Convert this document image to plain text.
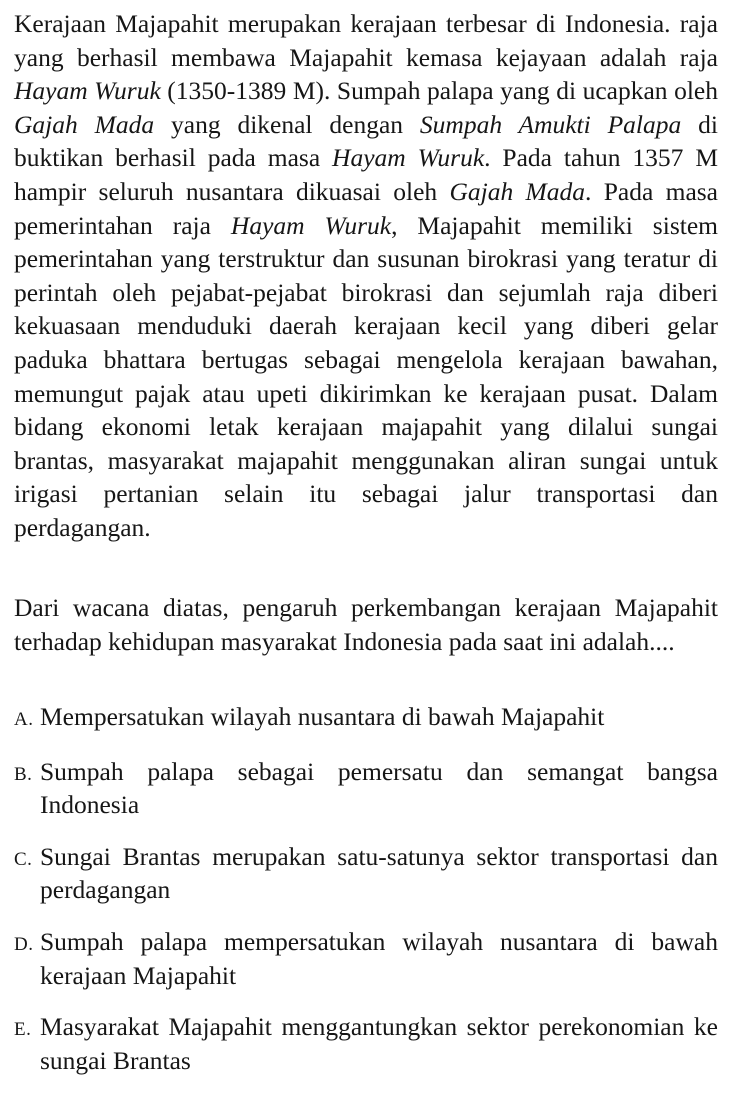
Kerajaan Majapahit merupakan kerajaan terbesar di Indonesia. raja yang berhasil membawa Majapahit kemasa kejayaan adalah raja Hayam Wuruk (1350-1389 M). Sumpah palapa yang di ucapkan oleh Gajah Mada yang dikenal dengan Sumpah Amukti Palapa di buktikan berhasil pada masa Hayam Wuruk. Pada tahun 1357 M hampir seluruh nusantara dikuasai oleh Gajah Mada. Pada masa pemerintahan raja Hayam Wuruk, Majapahit memiliki sistem pemerintahan yang terstruktur dan susunan birokrasi yang teratur di perintah oleh pejabat-pejabat birokrasi dan sejumlah raja diberi kekuasaan menduduki daerah kerajaan kecil yang diberi gelar paduka bhattara bertugas sebagai mengelola kerajaan bawahan, memungut pajak atau upeti dikirimkan ke kerajaan pusat. Dalam bidang ekonomi letak kerajaan majapahit yang dilalui sungai brantas, masyarakat majapahit menggunakan aliran sungai untuk irigasi pertanian selain itu sebagai jalur transportasi dan perdagangan.

Dari wacana diatas, pengaruh perkembangan kerajaan Majapahit terhadap kehidupan masyarakat Indonesia pada saat ini adalah....

A. Mempersatukan wilayah nusantara di bawah Majapahit
B. Sumpah palapa sebagai pemersatu dan semangat bangsa Indonesia
C. Sungai Brantas merupakan satu-satunya sektor transportasi dan perdagangan
D. Sumpah palapa mempersatukan wilayah nusantara di bawah kerajaan Majapahit
E. Masyarakat Majapahit menggantungkan sektor perekonomian ke sungai Brantas
